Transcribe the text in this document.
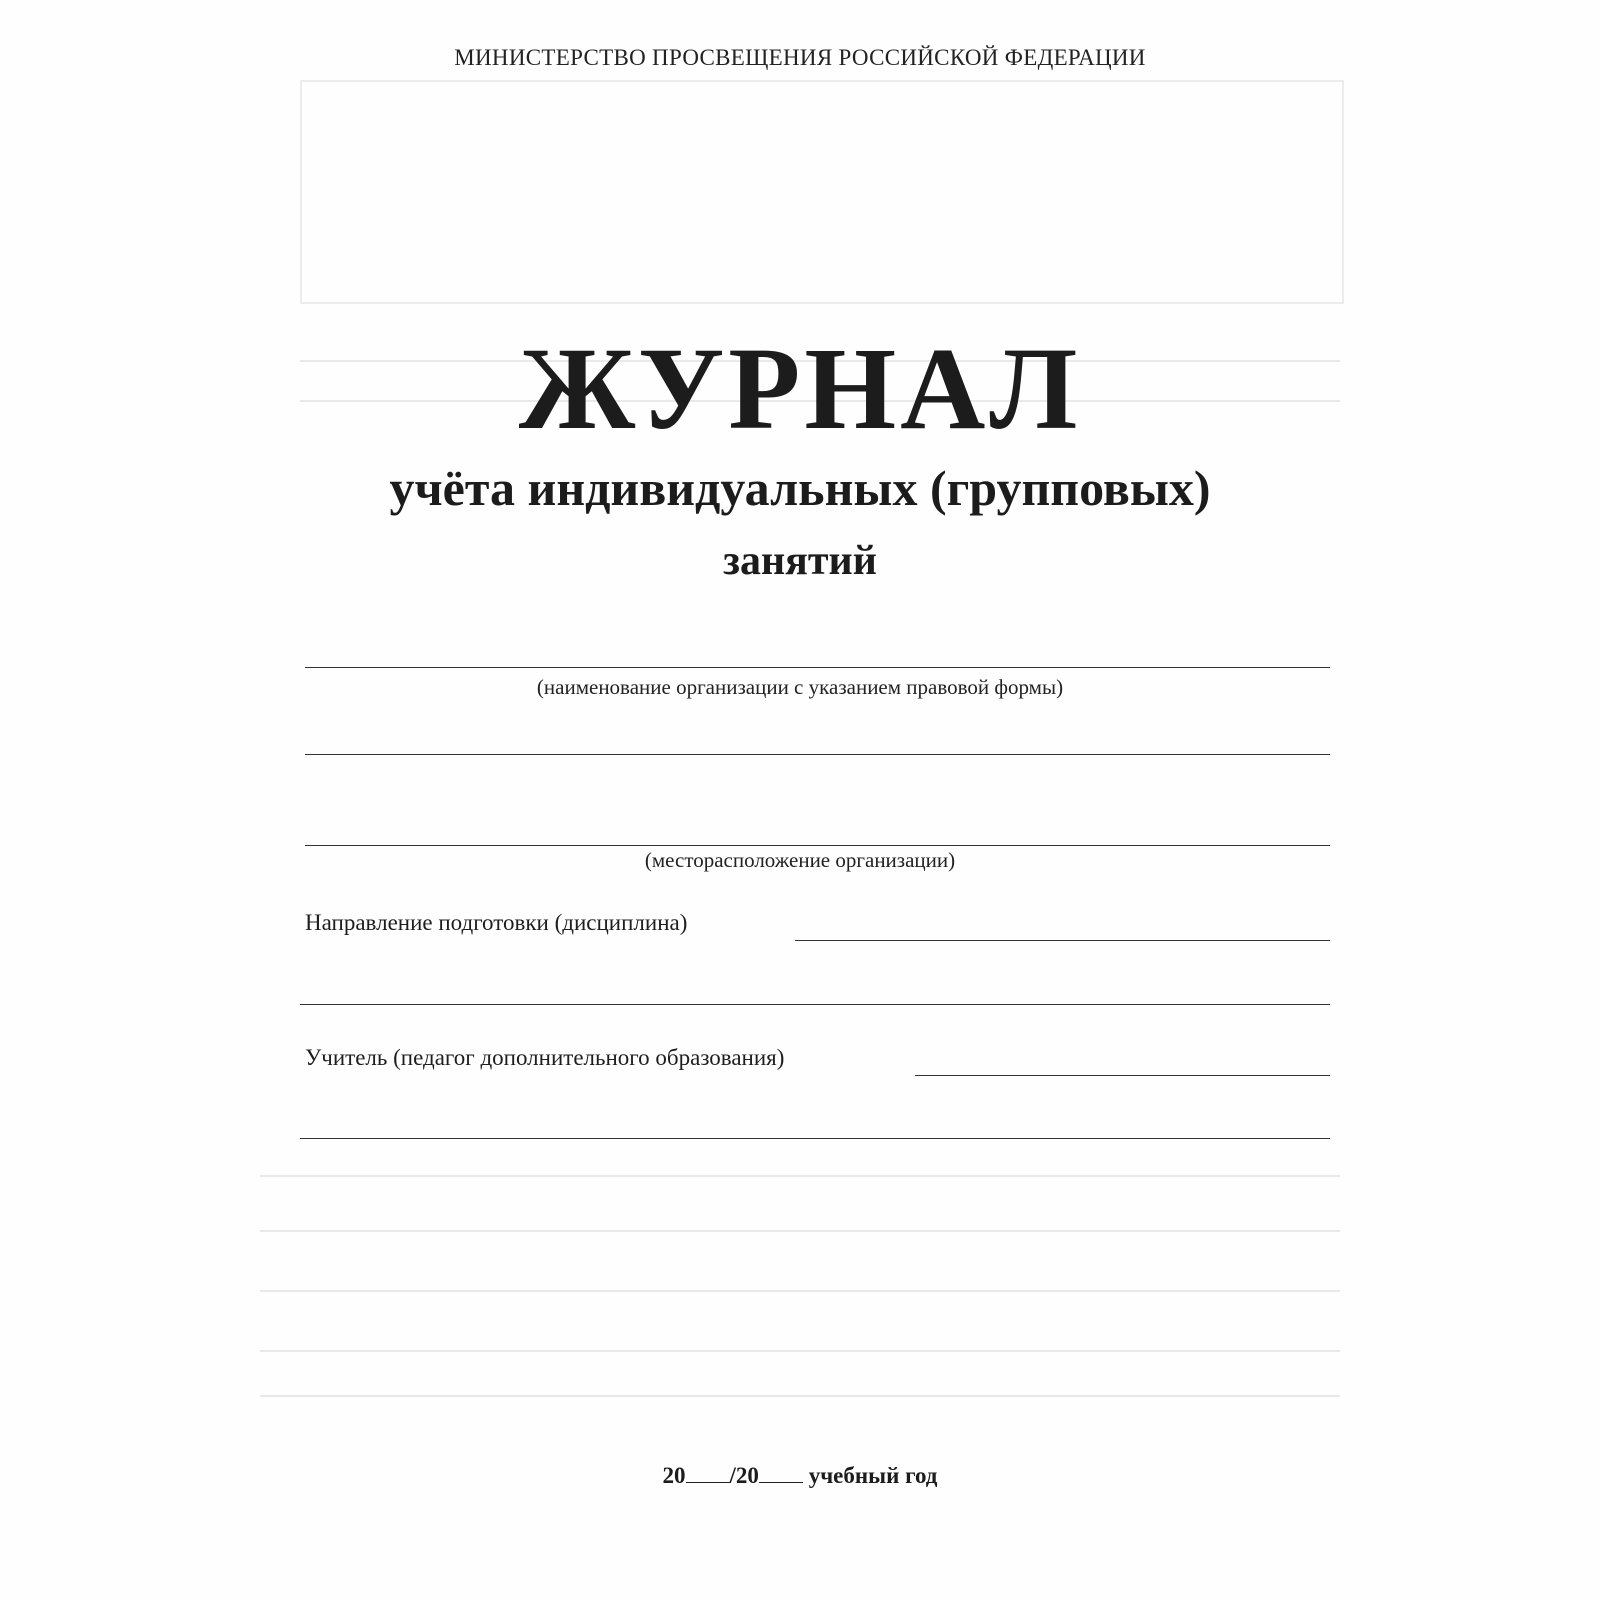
МИНИСТЕРСТВО ПРОСВЕЩЕНИЯ РОССИЙСКОЙ ФЕДЕРАЦИИ
ЖУРНАЛ
учёта индивидуальных (групповых)
занятий
(наименование организации с указанием правовой формы)
(месторасположение организации)
Направление подготовки (дисциплина)
Учитель (педагог дополнительного образования)
20 /20 учебный год
